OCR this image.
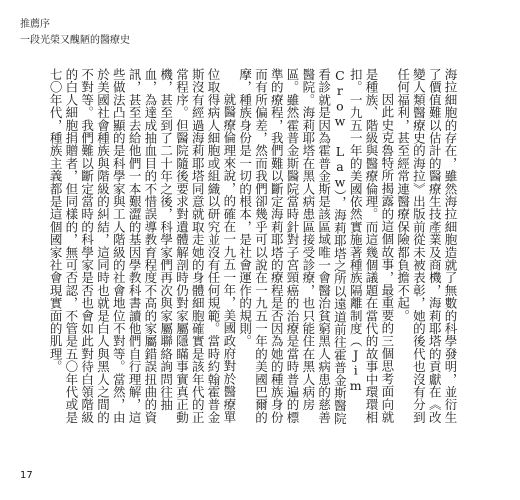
推薦序
一段光榮又醜陋的醫療史

海拉細胞的存在，雖然海拉細胞造就了無數的科學發明，並衍生了價值難以估計的醫療生技產業及商機，海莉耶塔的貢獻在《改變人類醫療史的海拉》出版前從未被表彰，她的後代也沒有分到任何福利，甚至經常連醫療保險都負擔不起。

因此史克魯特所揭露的這個故事，最重要的三個思考面向就是種族、階級與醫療倫理。而這幾個議題在當代的故事中環環相扣。一九五一年的美國依然實施著種族隔離制度（Jim Crow Law），海莉耶塔之所以遠道前往霍普金斯醫院看診就是因為霍普金斯是該區域唯一會醫治貧窮黑人病患的慈善醫院。海莉耶塔在黑人病患區接受診療，也只能住在黑人病房區。雖然霍普金斯醫院當時針對子宮頸癌的治療是當時普遍的標準的療程，我們難以斷定海莉耶塔的療程是否因為她的種族身份而有所偏差，然而我們卻幾乎可以說在一九五一年的美國巴爾的摩，種族身份是一切的根本，是社會運作的規則。

就醫療倫理來說，的確在一九五一年，美國政府對於醫療單位取得病人細胞或組織以研究並沒有任何規範。當時約翰霍普金斯沒有經過海莉耶塔同意就取走她的身體細胞確實是該年代的正常程序。但醫院隨後要求對遺體解剖時仍對家屬隱瞞事實真正動機，甚至到了二十年之後，科學家們再次與家屬聯絡詢問往抽血，為達成抽血目的不惜誤導教育程度不高的家屬錯誤扭曲的資訊，甚至去給他們一本艱澀的基因學教科書讀他們自行理解，這些做法凸顯的是科學家與工人階級的社會地位不對等。當然，由於美國社會種族與階級的糾結，這同時也就是白人與黑人之間的不對等。我們難以斷定當時的科學家是否也會如此對待白領階級的白人細胞捐贈者，但同樣的，無可否認，不管是五〇年代或是七〇年代，種族主義都是這個國家社會現實面的肌理。

17
